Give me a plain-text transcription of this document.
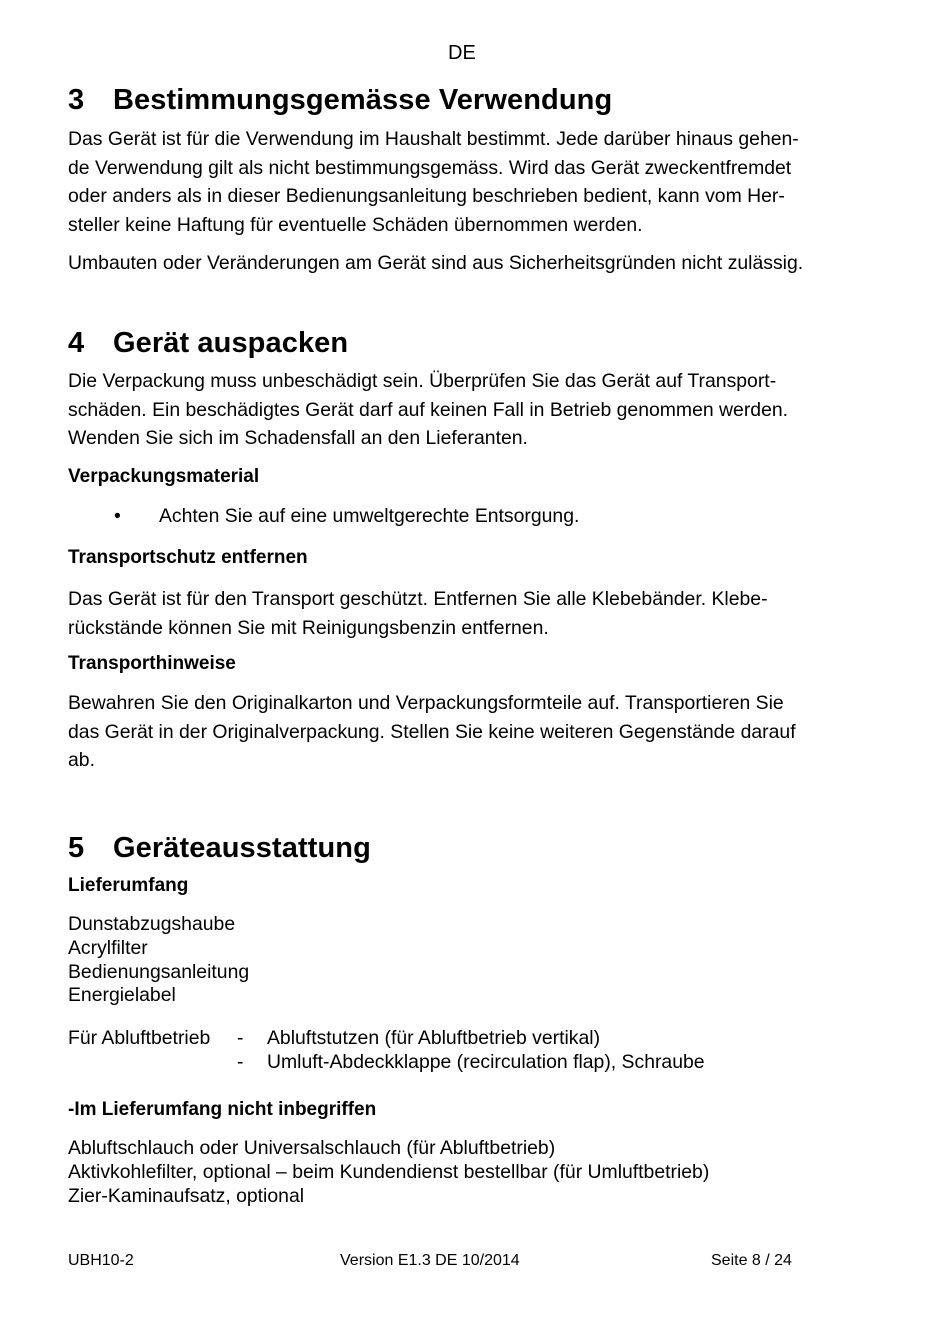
DE
3 Bestimmungsgemässe Verwendung

Das Gerät ist für die Verwendung im Haushalt bestimmt. Jede darüber hinaus gehen-
de Verwendung gilt als nicht bestimmungsgemäss. Wird das Gerät zweckentfremdet
oder anders als in dieser Bedienungsanleitung beschrieben bedient, kann vom Her-
steller keine Haftung für eventuelle Schäden übernommen werden.

Umbauten oder Veränderungen am Gerät sind aus Sicherheitsgründen nicht zulässig.

4 Gerät auspacken

Die Verpackung muss unbeschädigt sein. Überprüfen Sie das Gerät auf Transport-
schäden. Ein beschädigtes Gerät darf auf keinen Fall in Betrieb genommen werden.
Wenden Sie sich im Schadensfall an den Lieferanten.

Verpackungsmaterial
• Achten Sie auf eine umweltgerechte Entsorgung.
Transportschutz entfernen

Das Gerät ist für den Transport geschützt. Entfernen Sie alle Klebebänder. Klebe-
rückstände können Sie mit Reinigungsbenzin entfernen.

Transporthinweise

Bewahren Sie den Originalkarton und Verpackungsformteile auf. Transportieren Sie
das Gerät in der Originalverpackung. Stellen Sie keine weiteren Gegenstände darauf
ab.

5 Geräteausstattung
Lieferumfang
Dunstabzugshaube
Acrylfilter
Bedienungsanleitung
Energielabel
Für Abluftbetrieb - Abluftstutzen (für Abluftbetrieb vertikal)
- Umluft-Abdeckklappe (recirculation flap), Schraube
-Im Lieferumfang nicht inbegriffen
Abluftschlauch oder Universalschlauch (für Abluftbetrieb)
Aktivkohlefilter, optional – beim Kundendienst bestellbar (für Umluftbetrieb)
Zier-Kaminaufsatz, optional
UBH10-2	Version E1.3 DE 10/2014	Seite 8 / 24
